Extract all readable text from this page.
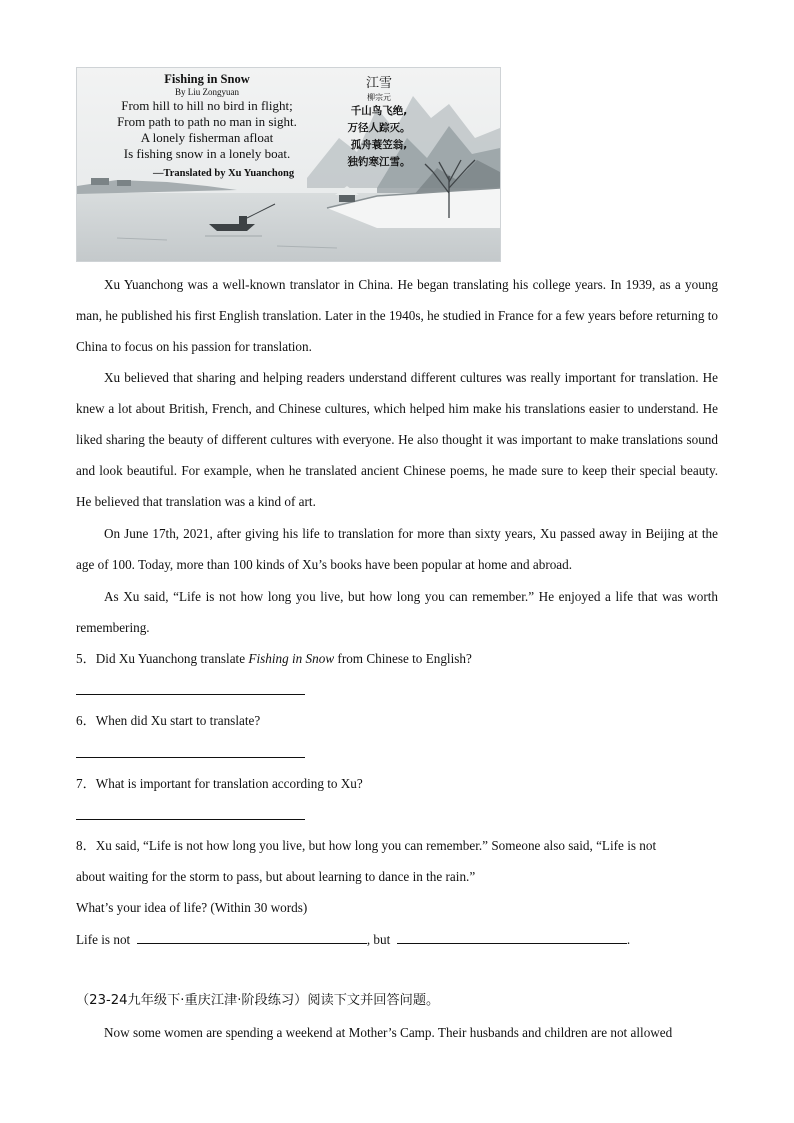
Fishing in Snow
By Liu Zongyuan
From hill to hill no bird in flight;
From path to path no man in sight.
A lonely fisherman afloat
Is fishing snow in a lonely boat.
—Translated by Xu Yuanchong
江雪
柳宗元
千山鸟飞绝,
万径人踪灭。
孤舟蓑笠翁,
独钓寒江雪。

Xu Yuanchong was a well-known translator in China. He began translating his college years. In 1939, as a young man, he published his first English translation. Later in the 1940s, he studied in France for a few years before returning to China to focus on his passion for translation.

Xu believed that sharing and helping readers understand different cultures was really important for translation. He knew a lot about British, French, and Chinese cultures, which helped him make his translations easier to understand. He liked sharing the beauty of different cultures with everyone. He also thought it was important to make translations sound and look beautiful. For example, when he translated ancient Chinese poems, he made sure to keep their special beauty. He believed that translation was a kind of art.

On June 17th, 2021, after giving his life to translation for more than sixty years, Xu passed away in Beijing at the age of 100. Today, more than 100 kinds of Xu’s books have been popular at home and abroad.

As Xu said, “Life is not how long you live, but how long you can remember.” He enjoyed a life that was worth remembering.

5．Did Xu Yuanchong translate Fishing in Snow from Chinese to English?

6．When did Xu start to translate?

7．What is important for translation according to Xu?

8．Xu said, “Life is not how long you live, but how long you can remember.” Someone also said, “Life is not

about waiting for the storm to pass, but about learning to dance in the rain.”

What’s your idea of life? (Within 30 words)

Life is not	, but	.

（23-24九年级下·重庆江津·阶段练习）阅读下文并回答问题。

Now some women are spending a weekend at Mother’s Camp. Their husbands and children are not allowed
